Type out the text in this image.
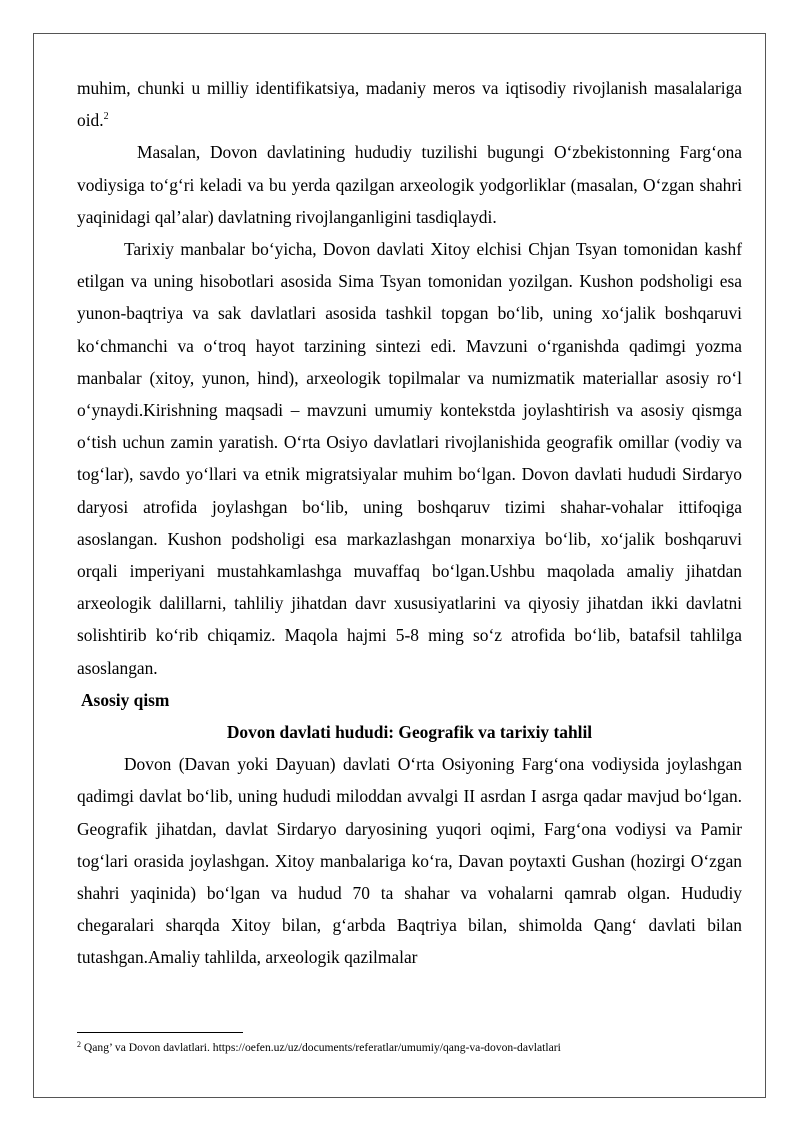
muhim, chunki u milliy identifikatsiya, madaniy meros va iqtisodiy rivojlanish masalalariga oid.$^2$

Masalan, Dovon davlatining hududiy tuzilishi bugungi O‘zbekistonning Farg‘ona vodiysiga to‘g‘ri keladi va bu yerda qazilgan arxeologik yodgorliklar (masalan, O‘zgan shahri yaqinidagi qal’alar) davlatning rivojlanganligini tasdiqlaydi.

Tarixiy manbalar bo‘yicha, Dovon davlati Xitoy elchisi Chjan Tsyan tomonidan kashf etilgan va uning hisobotlari asosida Sima Tsyan tomonidan yozilgan. Kushon podsholigi esa yunon-baqtriya va sak davlatlari asosida tashkil topgan bo‘lib, uning xo‘jalik boshqaruvi ko‘chmanchi va o‘troq hayot tarzining sintezi edi. Mavzuni o‘rganishda qadimgi yozma manbalar (xitoy, yunon, hind), arxeologik topilmalar va numizmatik materiallar asosiy ro‘l o‘ynaydi.Kirishning maqsadi – mavzuni umumiy kontekstda joylashtirish va asosiy qismga o‘tish uchun zamin yaratish. O‘rta Osiyo davlatlari rivojlanishida geografik omillar (vodiy va tog‘lar), savdo yo‘llari va etnik migratsiyalar muhim bo‘lgan. Dovon davlati hududi Sirdaryo daryosi atrofida joylashgan bo‘lib, uning boshqaruv tizimi shahar-vohalar ittifoqiga asoslangan. Kushon podsholigi esa markazlashgan monarxiya bo‘lib, xo‘jalik boshqaruvi orqali imperiyani mustahkamlashga muvaffaq bo‘lgan.Ushbu maqolada amaliy jihatdan arxeologik dalillarni, tahliliy jihatdan davr xususiyatlarini va qiyosiy jihatdan ikki davlatni solishtirib ko‘rib chiqamiz. Maqola hajmi 5-8 ming so‘z atrofida bo‘lib, batafsil tahlilga asoslangan.

Asosiy qism
Dovon davlati hududi: Geografik va tarixiy tahlil

Dovon (Davan yoki Dayuan) davlati O‘rta Osiyoning Farg‘ona vodiysida joylashgan qadimgi davlat bo‘lib, uning hududi miloddan avvalgi II asrdan I asrga qadar mavjud bo‘lgan. Geografik jihatdan, davlat Sirdaryo daryosining yuqori oqimi, Farg‘ona vodiysi va Pamir tog‘lari orasida joylashgan. Xitoy manbalariga ko‘ra, Davan poytaxti Gushan (hozirgi O‘zgan shahri yaqinida) bo‘lgan va hudud 70 ta shahar va vohalarni qamrab olgan. Hududiy chegaralari sharqda Xitoy bilan, g‘arbda Baqtriya bilan, shimolda Qang‘ davlati bilan tutashgan.Amaliy tahlilda, arxeologik qazilmalar

$^2$ Qang’ va Dovon davlatlari. https://oefen.uz/uz/documents/referatlar/umumiy/qang-va-dovon-davlatlari
